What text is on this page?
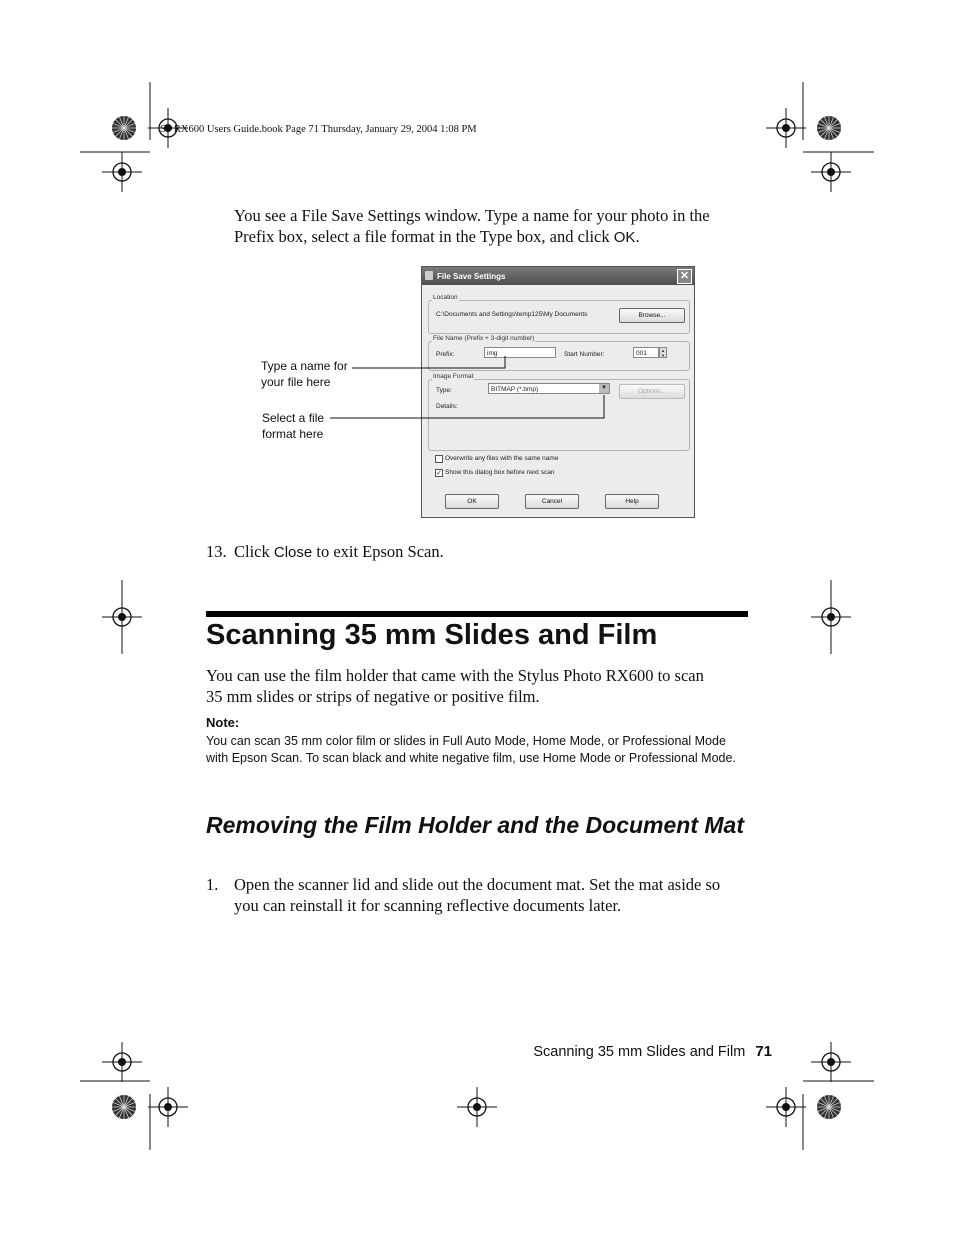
SP RX600 Users Guide.book Page 71 Thursday, January 29, 2004 1:08 PM
You see a File Save Settings window. Type a name for your photo in the Prefix box, select a file format in the Type box, and click OK.
File Save Settings	✕
Location
C:\Documents and Settings\temp125\My Documents	Browse...
File Name (Prefix + 3-digit number)
Prefix:	img	Start Number:	001	▲
▼
Image Format
Type:	BITMAP (*.bmp)	▼	Options...
Details:
Overwrite any files with the same name
✓ Show this dialog box before next scan
OK	Cancel	Help
Type a name for
your file here
Select a file
format here
13. Click Close to exit Epson Scan.
Scanning 35 mm Slides and Film
You can use the film holder that came with the Stylus Photo RX600 to scan
35 mm slides or strips of negative or positive film.
Note:
You can scan 35 mm color film or slides in Full Auto Mode, Home Mode, or Professional Mode with Epson Scan. To scan black and white negative film, use Home Mode or Professional Mode.
Removing the Film Holder and the Document Mat
1. Open the scanner lid and slide out the document mat. Set the mat aside so
you can reinstall it for scanning reflective documents later.
Scanning 35 mm Slides and Film 71
